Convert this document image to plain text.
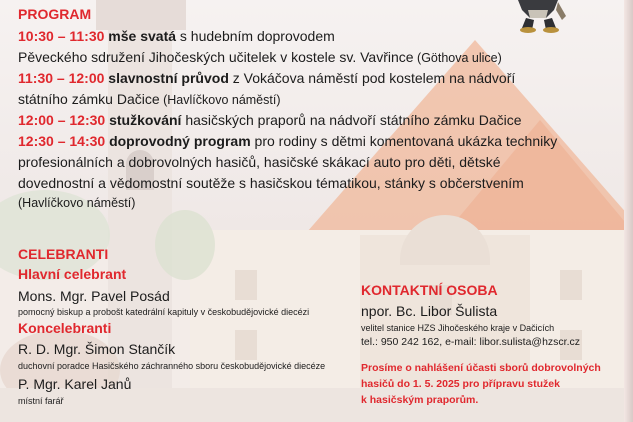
PROGRAM
10:30 – 11:30 mše svatá s hudebním doprovodem
Pěveckého sdružení Jihočeských učitelek v kostele sv. Vavřince (Göthova ulice)
11:30 – 12:00 slavnostní průvod z Vokáčova náměstí pod kostelem na nádvoří
státního zámku Dačice (Havlíčkovo náměstí)
12:00 – 12:30 stužkování hasičských praporů na nádvoří státního zámku Dačice
12:30 – 14:30 doprovodný program pro rodiny s dětmi komentovaná ukázka techniky
profesionálních a dobrovolných hasičů, hasičské skákací auto pro děti, dětské
dovednostní a vědomostní soutěže s hasičskou tématikou, stánky s občerstvením
(Havlíčkovo náměstí)
CELEBRANTI
Hlavní celebrant
Mons. Mgr. Pavel Posád
pomocný biskup a probošt katedrální kapituly v českobudějovické diecézi
Koncelebranti
R. D. Mgr. Šimon Stančík
duchovní poradce Hasičského záchranného sboru českobudějovické diecéze
P. Mgr. Karel Janů
místní farář
KONTAKTNÍ OSOBA
npor. Bc. Libor Šulista
velitel stanice HZS Jihočeského kraje v Dačicích
tel.: 950 242 162, e-mail: libor.sulista@hzscr.cz
Prosíme o nahlášení účasti sborů dobrovolných
hasičů do 1. 5. 2025 pro přípravu stužek
k hasičským praporům.
